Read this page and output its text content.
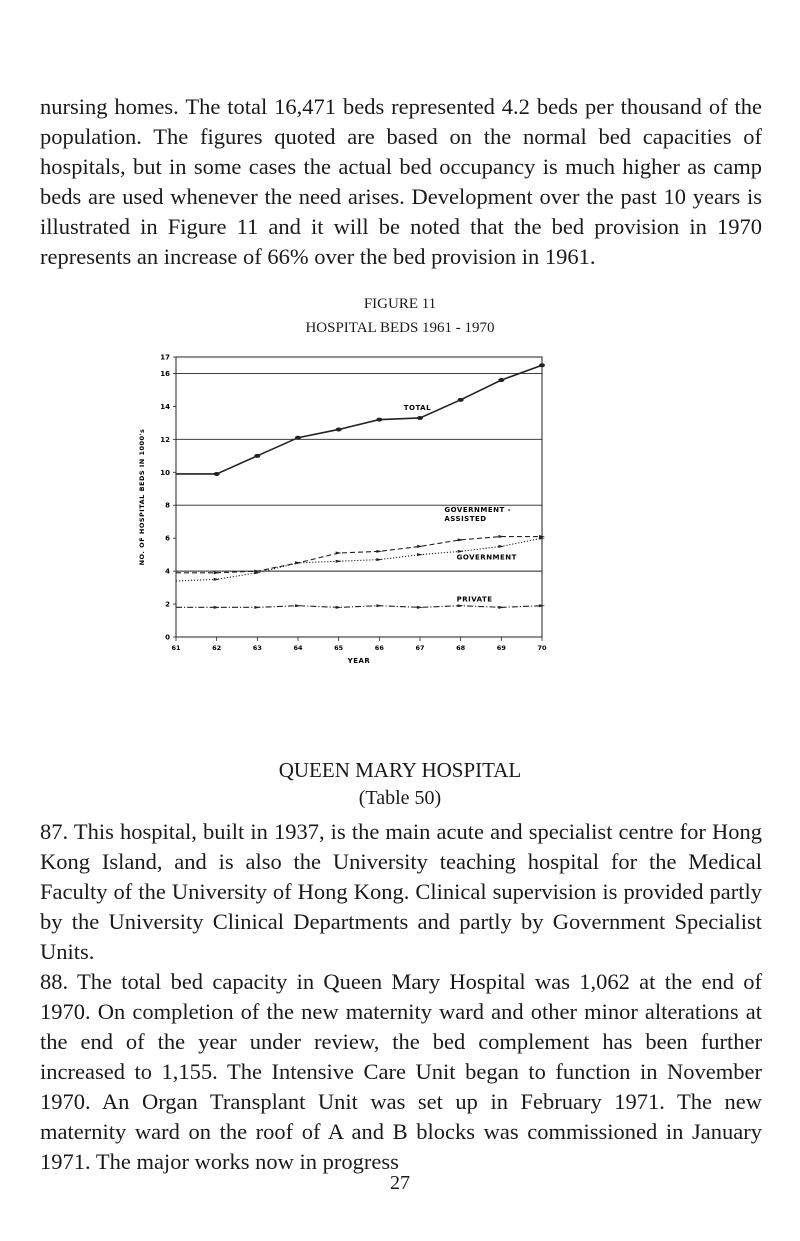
nursing homes. The total 16,471 beds represented 4.2 beds per thousand of the population. The figures quoted are based on the normal bed capacities of hospitals, but in some cases the actual bed occupancy is much higher as camp beds are used whenever the need arises. Development over the past 10 years is illustrated in Figure 11 and it will be noted that the bed provision in 1970 represents an increase of 66% over the bed provision in 1961.

FIGURE 11
HOSPITAL BEDS 1961 - 1970
0
2
4
6
8
10
12
14
16
17
61	62	63	64	65	66	67	68	69	70
TOTAL
GOVERNMENT -
ASSISTED
GOVERNMENT
PRIVATE
YEAR
NO. OF HOSPITAL BEDS IN 1000's
QUEEN MARY HOSPITAL
(Table 50)

87. This hospital, built in 1937, is the main acute and specialist centre for Hong Kong Island, and is also the University teaching hospital for the Medical Faculty of the University of Hong Kong. Clinical supervision is provided partly by the University Clinical Departments and partly by Government Specialist Units.

88. The total bed capacity in Queen Mary Hospital was 1,062 at the end of 1970. On completion of the new maternity ward and other minor alterations at the end of the year under review, the bed complement has been further increased to 1,155. The Intensive Care Unit began to function in November 1970. An Organ Transplant Unit was set up in February 1971. The new maternity ward on the roof of A and B blocks was commissioned in January 1971. The major works now in progress

27
